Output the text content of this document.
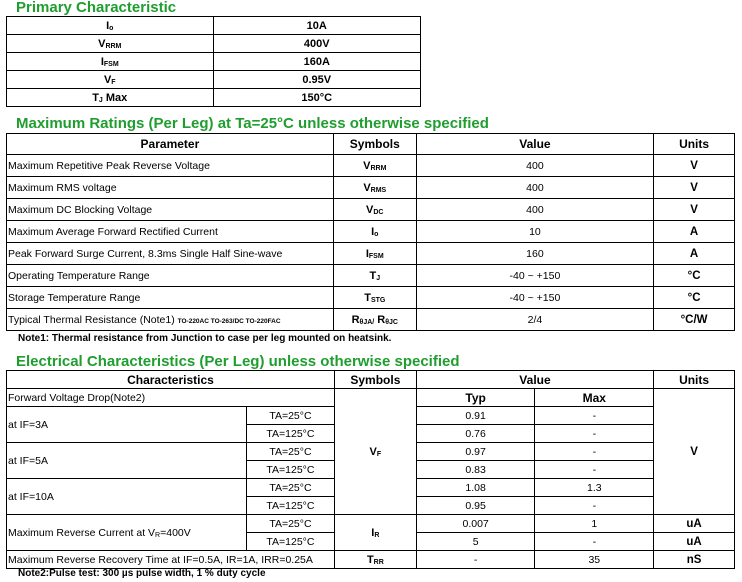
Primary Characteristic
$I_o$	10A
$V_{RRM}$	400V
$I_{FSM}$	160A
$V_F$	0.95V
$T_J$ Max	150°C
Maximum Ratings (Per Leg) at Ta=25°C unless otherwise specified
Parameter	Symbols	Value	Units
Maximum Repetitive Peak Reverse Voltage	$V_{RRM}$	400	V
Maximum RMS voltage	$V_{RMS}$	400	V
Maximum DC Blocking Voltage	$V_{DC}$	400	V
Maximum Average Forward Rectified Current	$I_o$	10	A
Peak Forward Surge Current, 8.3ms Single Half Sine-wave	$I_{FSM}$	160	A
Operating Temperature Range	$T_J$	-40 ~ +150	°C
Storage Temperature Range	$T_{STG}$	-40 ~ +150	°C
Typical Thermal Resistance (Note1) TO-220AC TO-263/DC TO-220FAC	$R_{\theta JA/}$ $R_{\theta JC}$	2/4	°C/W

Note1: Thermal resistance from Junction to case per leg mounted on heatsink.

Electrical Characteristics (Per Leg) unless otherwise specified
Characteristics		Symbols	Value		Units
Forward Voltage Drop(Note2)		$V_F$	Typ	Max	V
at IF=3A	TA=25°C		0.91	-	
	TA=125°C		0.76	-	
at IF=5A	TA=25°C		0.97	-	
	TA=125°C		0.83	-	
at IF=10A	TA=25°C		1.08	1.3	
	TA=125°C		0.95	-	
Maximum Reverse Current at $V_R=400V$	TA=25°C	$I_R$	0.007	1	uA
	TA=125°C		5	-	uA
Maximum Reverse Recovery Time at IF=0.5A, IR=1A, IRR=0.25A		$T_{RR}$	-	35	nS

Note2:Pulse test: 300 µs pulse width, 1 % duty cycle
